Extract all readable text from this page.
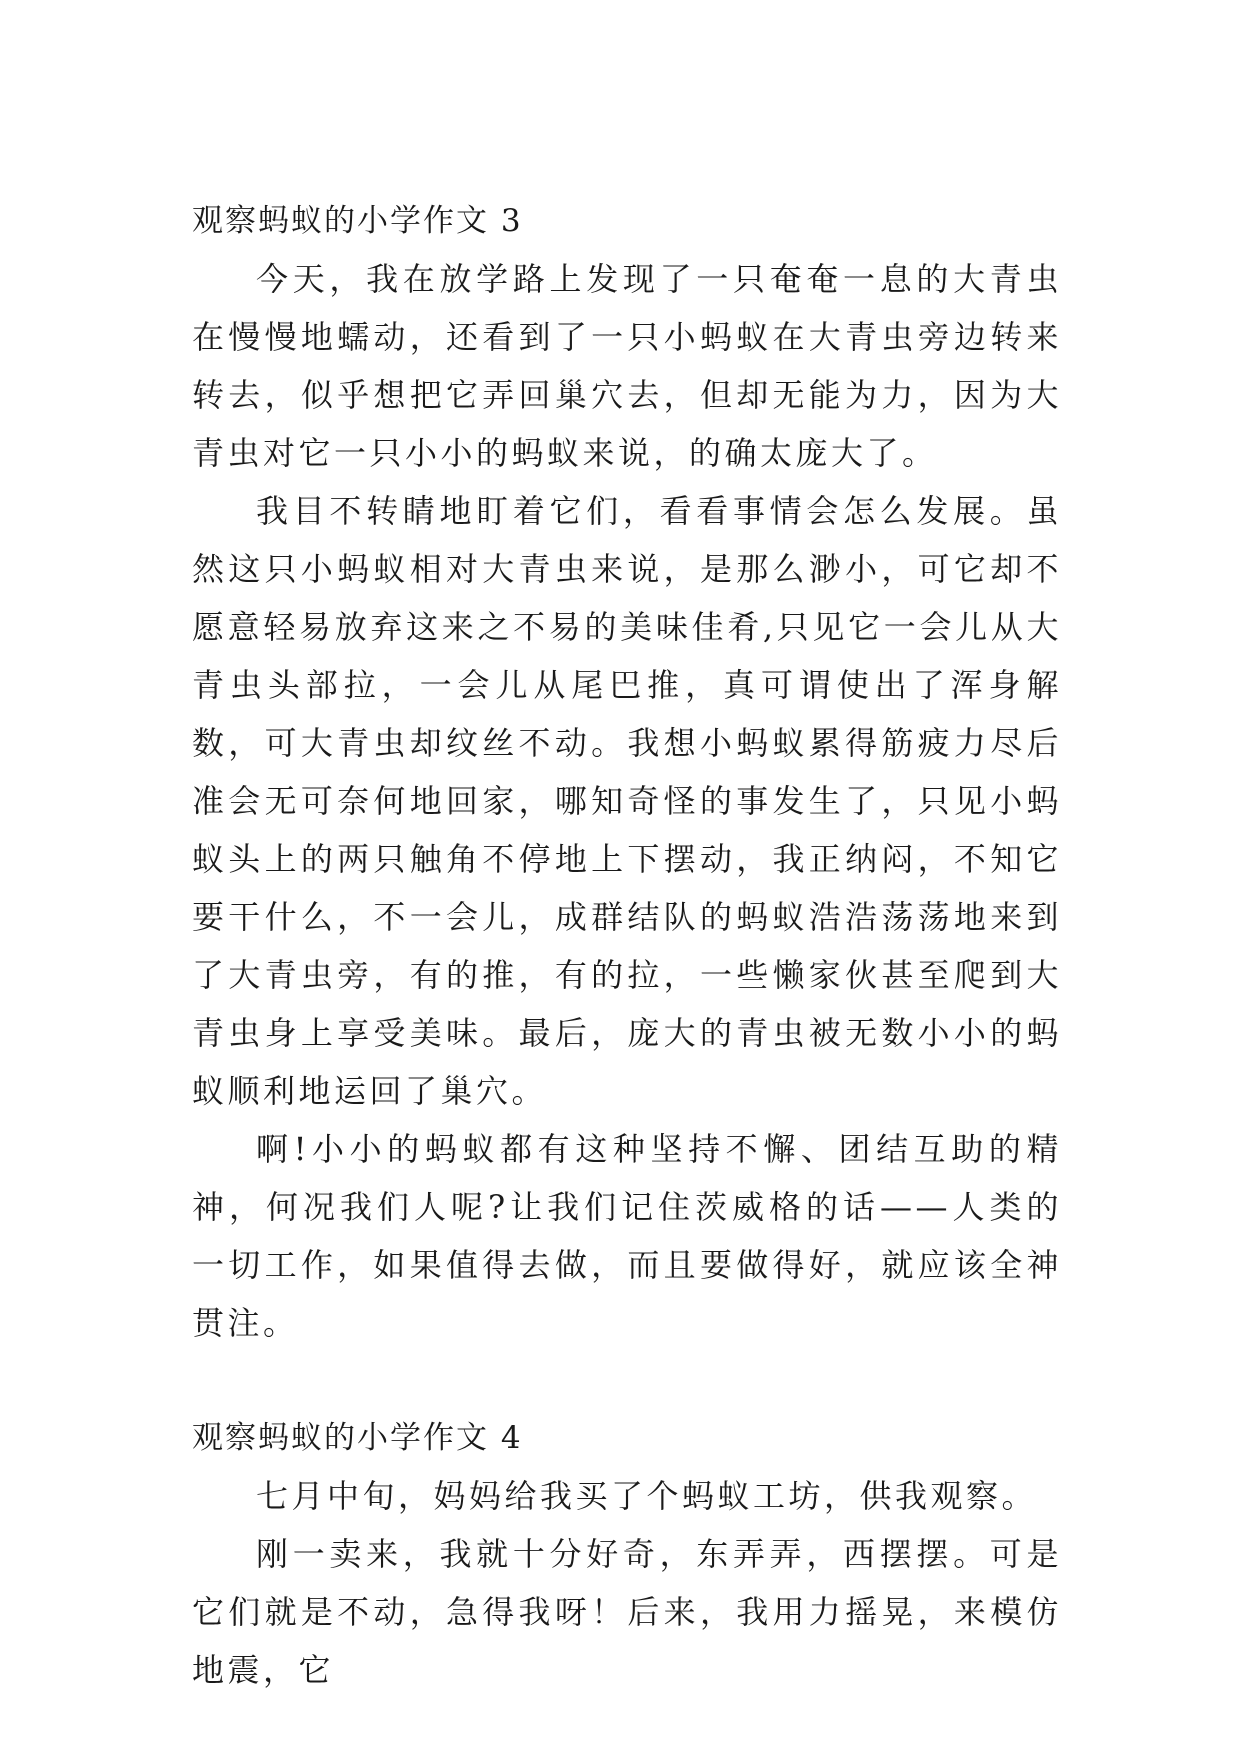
观察蚂蚁的小学作文 3

今天，我在放学路上发现了一只奄奄一息的大青虫在慢慢地蠕动，还看到了一只小蚂蚁在大青虫旁边转来转去，似乎想把它弄回巢穴去，但却无能为力，因为大青虫对它一只小小的蚂蚁来说，的确太庞大了。

我目不转睛地盯着它们，看看事情会怎么发展。虽然这只小蚂蚁相对大青虫来说，是那么渺小，可它却不愿意轻易放弃这来之不易的美味佳肴,只见它一会儿从大青虫头部拉，一会儿从尾巴推，真可谓使出了浑身解数，可大青虫却纹丝不动。我想小蚂蚁累得筋疲力尽后准会无可奈何地回家，哪知奇怪的事发生了，只见小蚂蚁头上的两只触角不停地上下摆动，我正纳闷，不知它要干什么，不一会儿，成群结队的蚂蚁浩浩荡荡地来到了大青虫旁，有的推，有的拉，一些懒家伙甚至爬到大青虫身上享受美味。最后，庞大的青虫被无数小小的蚂蚁顺利地运回了巢穴。

啊!小小的蚂蚁都有这种坚持不懈、团结互助的精神，何况我们人呢?让我们记住茨威格的话——人类的一切工作，如果值得去做，而且要做得好，就应该全神贯注。

观察蚂蚁的小学作文 4

七月中旬，妈妈给我买了个蚂蚁工坊，供我观察。

刚一卖来，我就十分好奇，东弄弄，西摆摆。可是它们就是不动，急得我呀！后来，我用力摇晃，来模仿地震，它
